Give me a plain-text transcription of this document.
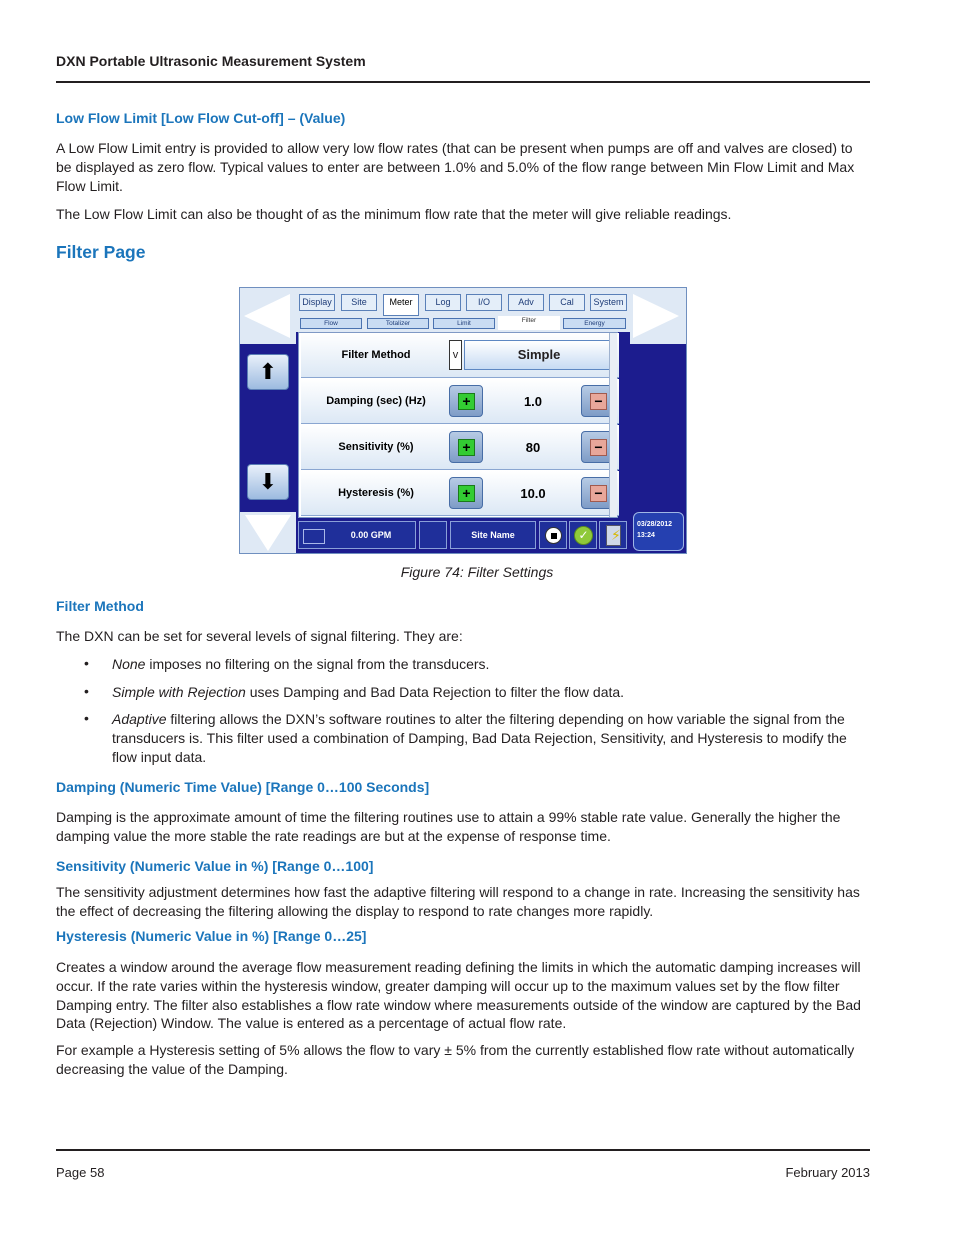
DXN Portable Ultrasonic Measurement System
Low Flow Limit [Low Flow Cut-off] – (Value)
A Low Flow Limit entry is provided to allow very low flow rates (that can be present when pumps are off and valves are closed) to be displayed as zero flow. Typical values to enter are between 1.0% and 5.0% of the flow range between Min Flow Limit and Max Flow Limit.
The Low Flow Limit can also be thought of as the minimum flow rate that the meter will give reliable readings.
Filter Page
⬆
⬇
Display	Site	Meter	Log	I/O	Adv	Cal	System
Flow	Totalizer	Limit	Filter	Energy
Filter Method	v	Simple
Damping (sec) (Hz)	+	1.0	−
Sensitivity (%)	+	80	−
Hysteresis (%)	+	10.0	−
0.00 GPM	Site Name	✓	⚡
03/28/2012
13:24
Figure 74: Filter Settings
Filter Method
The DXN can be set for several levels of signal filtering. They are:
• None imposes no filtering on the signal from the transducers.
• Simple with Rejection uses Damping and Bad Data Rejection to filter the flow data.
• Adaptive filtering allows the DXN’s software routines to alter the filtering depending on how variable the signal from the transducers is. This filter used a combination of Damping, Bad Data Rejection, Sensitivity, and Hysteresis to modify the flow input data.
Damping (Numeric Time Value) [Range 0…100 Seconds]
Damping is the approximate amount of time the filtering routines use to attain a 99% stable rate value. Generally the higher the damping value the more stable the rate readings are but at the expense of response time.
Sensitivity (Numeric Value in %) [Range 0…100]
The sensitivity adjustment determines how fast the adaptive filtering will respond to a change in rate. Increasing the sensitivity has the effect of decreasing the filtering allowing the display to respond to rate changes more rapidly.
Hysteresis (Numeric Value in %) [Range 0…25]
Creates a window around the average flow measurement reading defining the limits in which the automatic damping increases will occur. If the rate varies within the hysteresis window, greater damping will occur up to the maximum values set by the flow filter Damping entry. The filter also establishes a flow rate window where measurements outside of the window are captured by the Bad Data (Rejection) Window. The value is entered as a percentage of actual flow rate.
For example a Hysteresis setting of 5% allows the flow to vary ± 5% from the currently established flow rate without automatically decreasing the value of the Damping.
Page 58	February 2013
